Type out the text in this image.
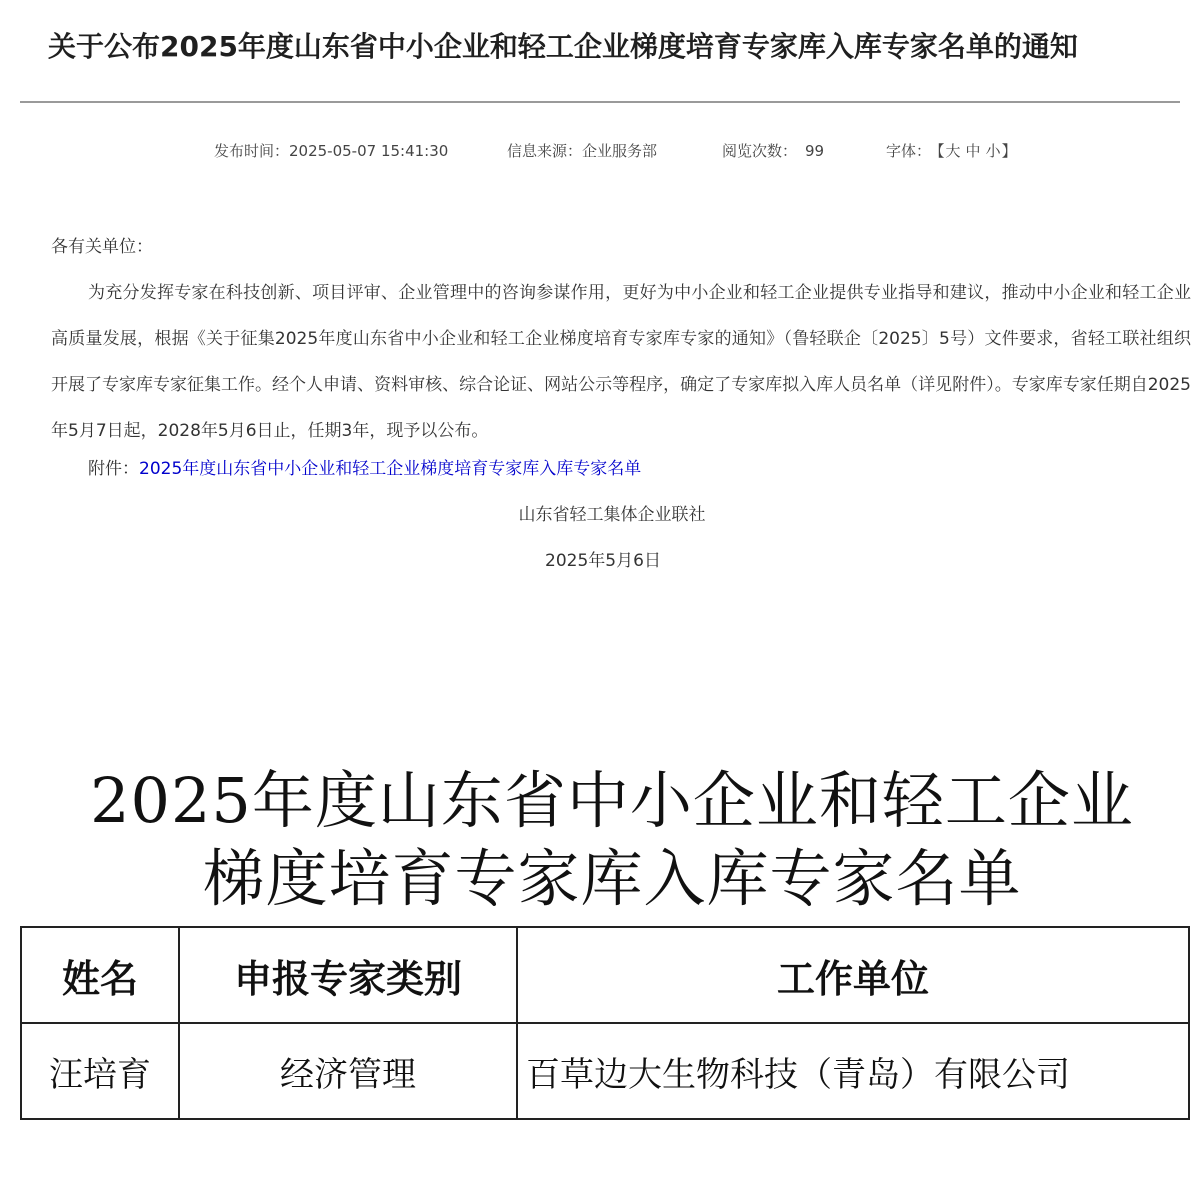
关于公布2025年度山东省中小企业和轻工企业梯度培育专家库入库专家名单的通知
发布时间：2025-05-07 15:41:30	信息来源：企业服务部	阅览次数： 99	字体： 【大 中 小】
各有关单位：

为充分发挥专家在科技创新、项目评审、企业管理中的咨询参谋作用，更好为中小企业和轻工企业提供专业指导和建议，推动中小企业和轻工企业高质量发展，根据《关于征集2025年度山东省中小企业和轻工企业梯度培育专家库专家的通知》（鲁轻联企〔2025〕5号）文件要求，省轻工联社组织开展了专家库专家征集工作。经个人申请、资料审核、综合论证、网站公示等程序，确定了专家库拟入库人员名单（详见附件）。专家库专家任期自2025年5月7日起，2028年5月6日止，任期3年，现予以公布。

附件：2025年度山东省中小企业和轻工企业梯度培育专家库入库专家名单
山东省轻工集体企业联社
2025年5月6日
2025年度山东省中小企业和轻工企业
梯度培育专家库入库专家名单
姓名	申报专家类别	工作单位
汪培育	经济管理	百草边大生物科技（青岛）有限公司
